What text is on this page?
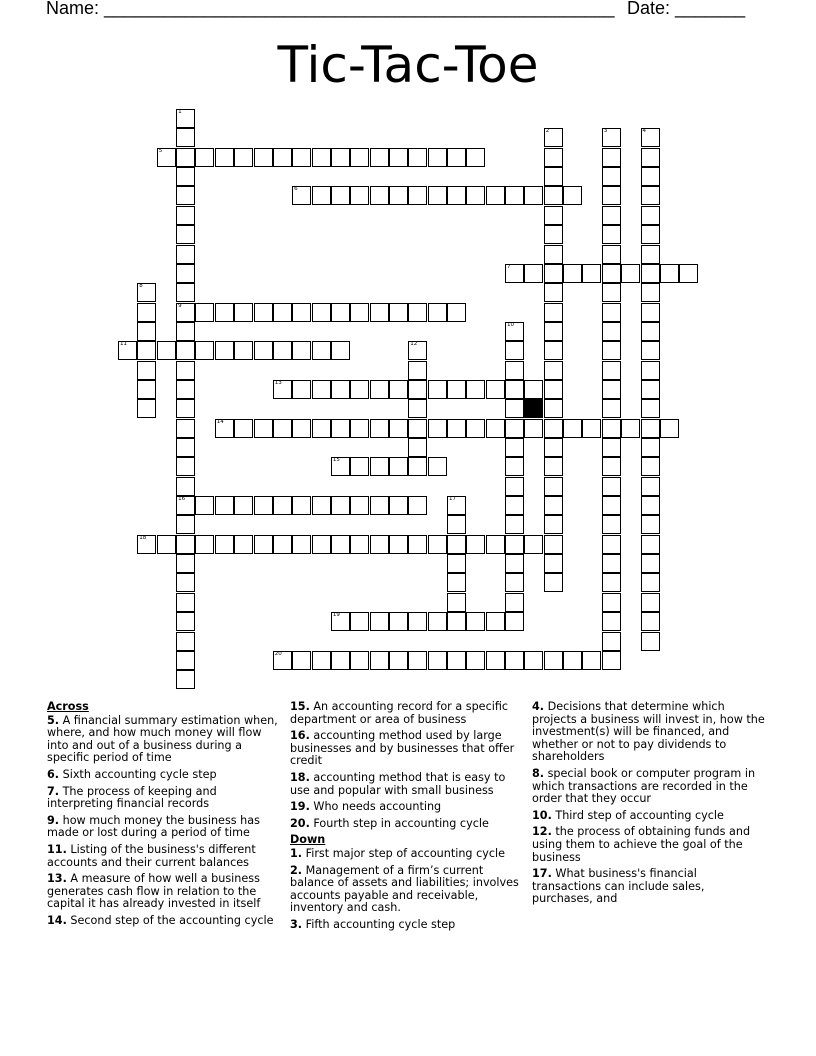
Name: ___________________________________________________ Date: _______
Tic-Tac-Toe
1
9
16
2	3	4
5
6
7
8
10
11	12
13
14
15
17
18
19
20
Across
5. A financial summary estimation when, where, and how much money will flow into and out of a business during a specific period of time
6. Sixth accounting cycle step
7. The process of keeping and interpreting financial records
9. how much money the business has made or lost during a period of time
11. Listing of the business's different accounts and their current balances
13. A measure of how well a business generates cash flow in relation to the capital it has already invested in itself
14. Second step of the accounting cycle
15. An accounting record for a specific department or area of business
16. accounting method used by large businesses and by businesses that offer credit
18. accounting method that is easy to use and popular with small business
19. Who needs accounting
20. Fourth step in accounting cycle
Down
1. First major step of accounting cycle
2. Management of a firm’s current balance of assets and liabilities; involves accounts payable and receivable, inventory and cash.
3. Fifth accounting cycle step
4. Decisions that determine which projects a business will invest in, how the investment(s) will be financed, and whether or not to pay dividends to shareholders
8. special book or computer program in which transactions are recorded in the order that they occur
10. Third step of accounting cycle
12. the process of obtaining funds and using them to achieve the goal of the business
17. What business's financial transactions can include sales, purchases, and
